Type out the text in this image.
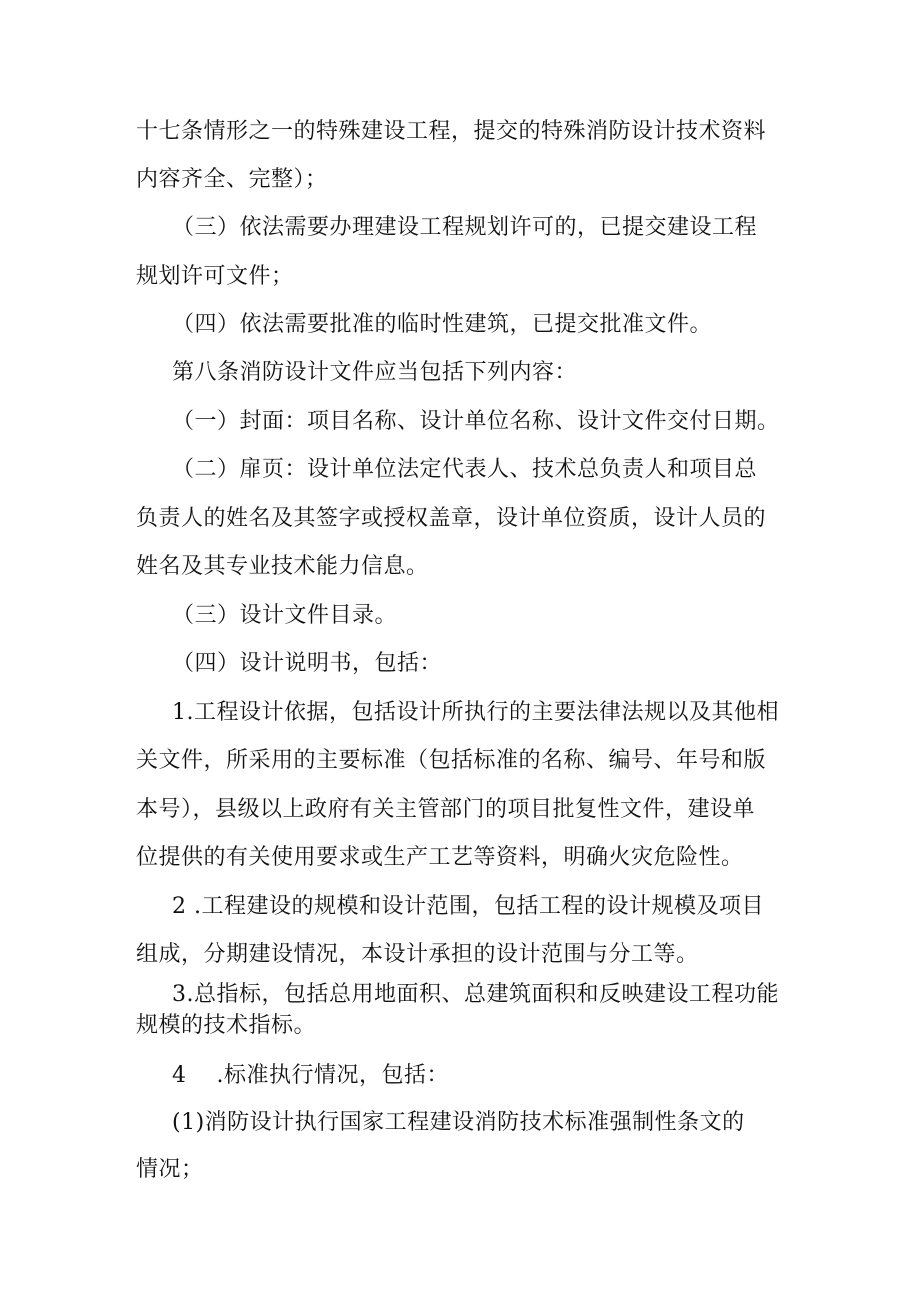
十七条情形之一的特殊建设工程，提交的特殊消防设计技术资料
内容齐全、完整）；
（三）依法需要办理建设工程规划许可的，已提交建设工程
规划许可文件；
（四）依法需要批准的临时性建筑，已提交批准文件。
第八条消防设计文件应当包括下列内容：
（一）封面：项目名称、设计单位名称、设计文件交付日期。
（二）扉页：设计单位法定代表人、技术总负责人和项目总
负责人的姓名及其签字或授权盖章，设计单位资质，设计人员的
姓名及其专业技术能力信息。
（三）设计文件目录。
（四）设计说明书，包括：
1.工程设计依据，包括设计所执行的主要法律法规以及其他相
关文件，所采用的主要标准（包括标准的名称、编号、年号和版
本号），县级以上政府有关主管部门的项目批复性文件，建设单
位提供的有关使用要求或生产工艺等资料，明确火灾危险性。
2 .工程建设的规模和设计范围，包括工程的设计规模及项目
组成，分期建设情况，本设计承担的设计范围与分工等。
3.总指标，包括总用地面积、总建筑面积和反映建设工程功能
规模的技术指标。
4    .标准执行情况，包括：
(1)消防设计执行国家工程建设消防技术标准强制性条文的
情况；
